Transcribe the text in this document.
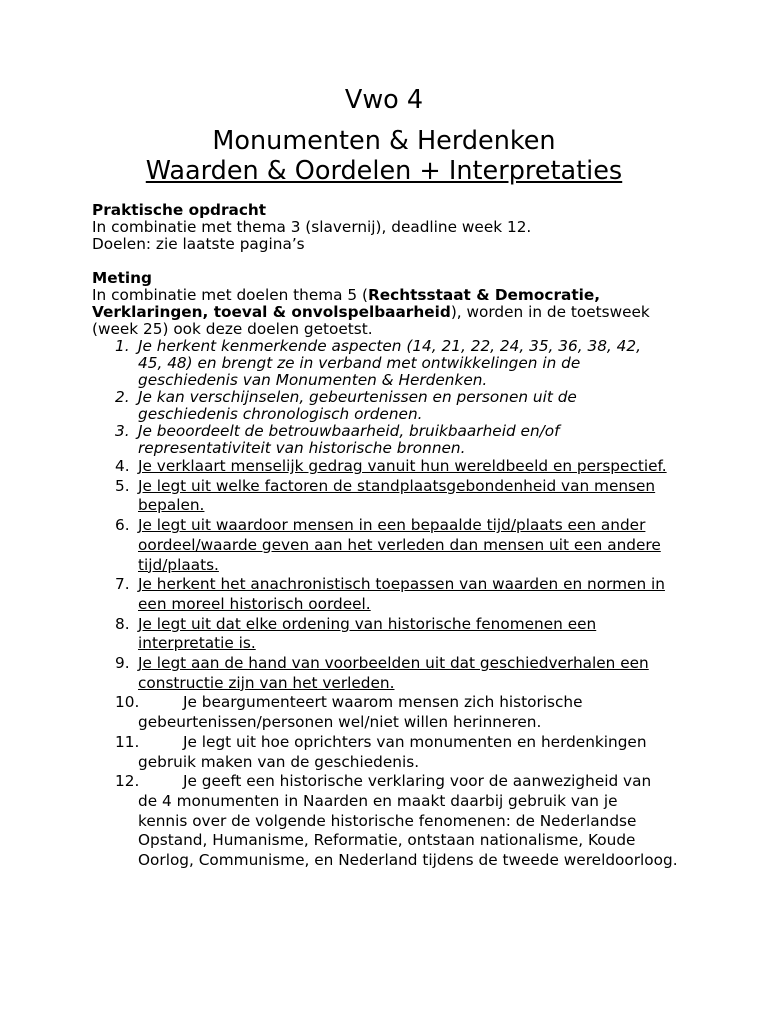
Vwo 4
Monumenten & Herdenken
Waarden & Oordelen + Interpretaties
Praktische opdracht
In combinatie met thema 3 (slavernij), deadline week 12.
Doelen: zie laatste pagina’s
Meting
In combinatie met doelen thema 5 (Rechtsstaat & Democratie,
Verklaringen, toeval & onvolspelbaarheid), worden in de toetsweek
(week 25) ook deze doelen getoetst.
1. Je herkent kenmerkende aspecten (14, 21, 22, 24, 35, 36, 38, 42,
45, 48) en brengt ze in verband met ontwikkelingen in de
geschiedenis van Monumenten & Herdenken.
2. Je kan verschijnselen, gebeurtenissen en personen uit de
geschiedenis chronologisch ordenen.
3. Je beoordeelt de betrouwbaarheid, bruikbaarheid en/of
representativiteit van historische bronnen.
4. Je verklaart menselijk gedrag vanuit hun wereldbeeld en perspectief.
5. Je legt uit welke factoren de standplaatsgebondenheid van mensen
bepalen.
6. Je legt uit waardoor mensen in een bepaalde tijd/plaats een ander
oordeel/waarde geven aan het verleden dan mensen uit een andere
tijd/plaats.
7. Je herkent het anachronistisch toepassen van waarden en normen in
een moreel historisch oordeel.
8. Je legt uit dat elke ordening van historische fenomenen een
interpretatie is.
9. Je legt aan de hand van voorbeelden uit dat geschiedverhalen een
constructie zijn van het verleden.
10.	Je beargumenteert waarom mensen zich historische
gebeurtenissen/personen wel/niet willen herinneren.
11.	Je legt uit hoe oprichters van monumenten en herdenkingen
gebruik maken van de geschiedenis.
12.	Je geeft een historische verklaring voor de aanwezigheid van
de 4 monumenten in Naarden en maakt daarbij gebruik van je
kennis over de volgende historische fenomenen: de Nederlandse
Opstand, Humanisme, Reformatie, ontstaan nationalisme, Koude
Oorlog, Communisme, en Nederland tijdens de tweede wereldoorloog.
